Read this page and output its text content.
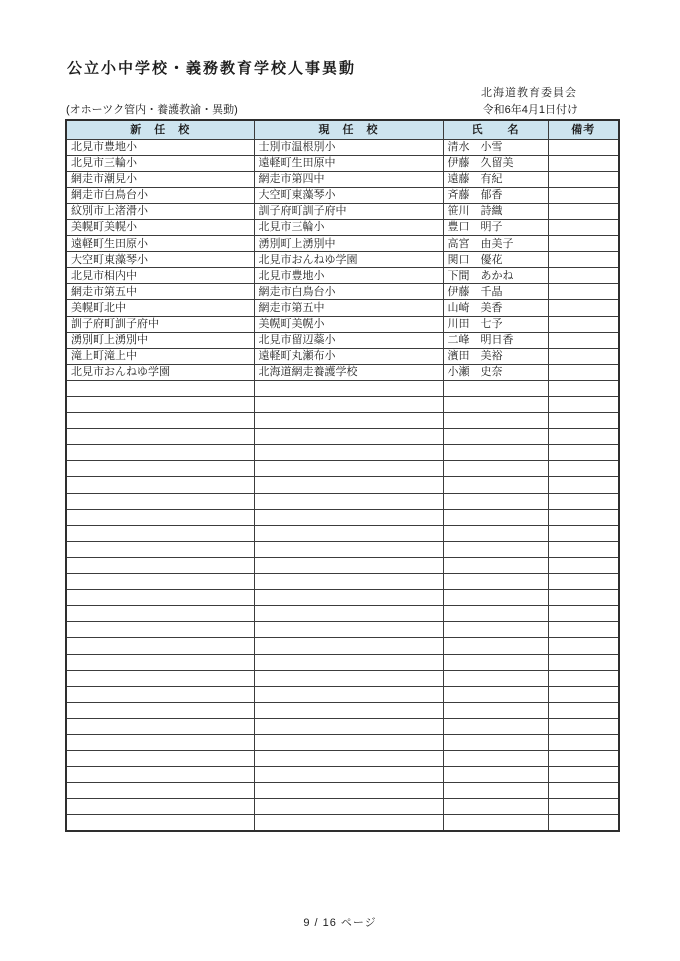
公立小中学校・義務教育学校人事異動
北海道教育委員会
(オホーツク管内・養護教諭・異動)	令和6年4月1日付け
新　任　校	現　任　校	氏　　名	備考
北見市豊地小	士別市温根別小	清水　小雪	
北見市三輪小	遠軽町生田原中	伊藤　久留美	
網走市潮見小	網走市第四中	遠藤　有紀	
網走市白鳥台小	大空町東藻琴小	斉藤　郁香	
紋別市上渚滑小	訓子府町訓子府中	笹川　詩織	
美幌町美幌小	北見市三輪小	豊口　明子	
遠軽町生田原小	湧別町上湧別中	高宮　由美子	
大空町東藻琴小	北見市おんねゆ学園	関口　優花	
北見市相内中	北見市豊地小	下間　あかね	
網走市第五中	網走市白鳥台小	伊藤　千晶	
美幌町北中	網走市第五中	山崎　美香	
訓子府町訓子府中	美幌町美幌小	川田　七予	
湧別町上湧別中	北見市留辺蘂小	二峰　明日香	
滝上町滝上中	遠軽町丸瀬布小	濱田　美裕	
北見市おんねゆ学園	北海道網走養護学校	小瀬　史奈	

9 / 16 ページ
